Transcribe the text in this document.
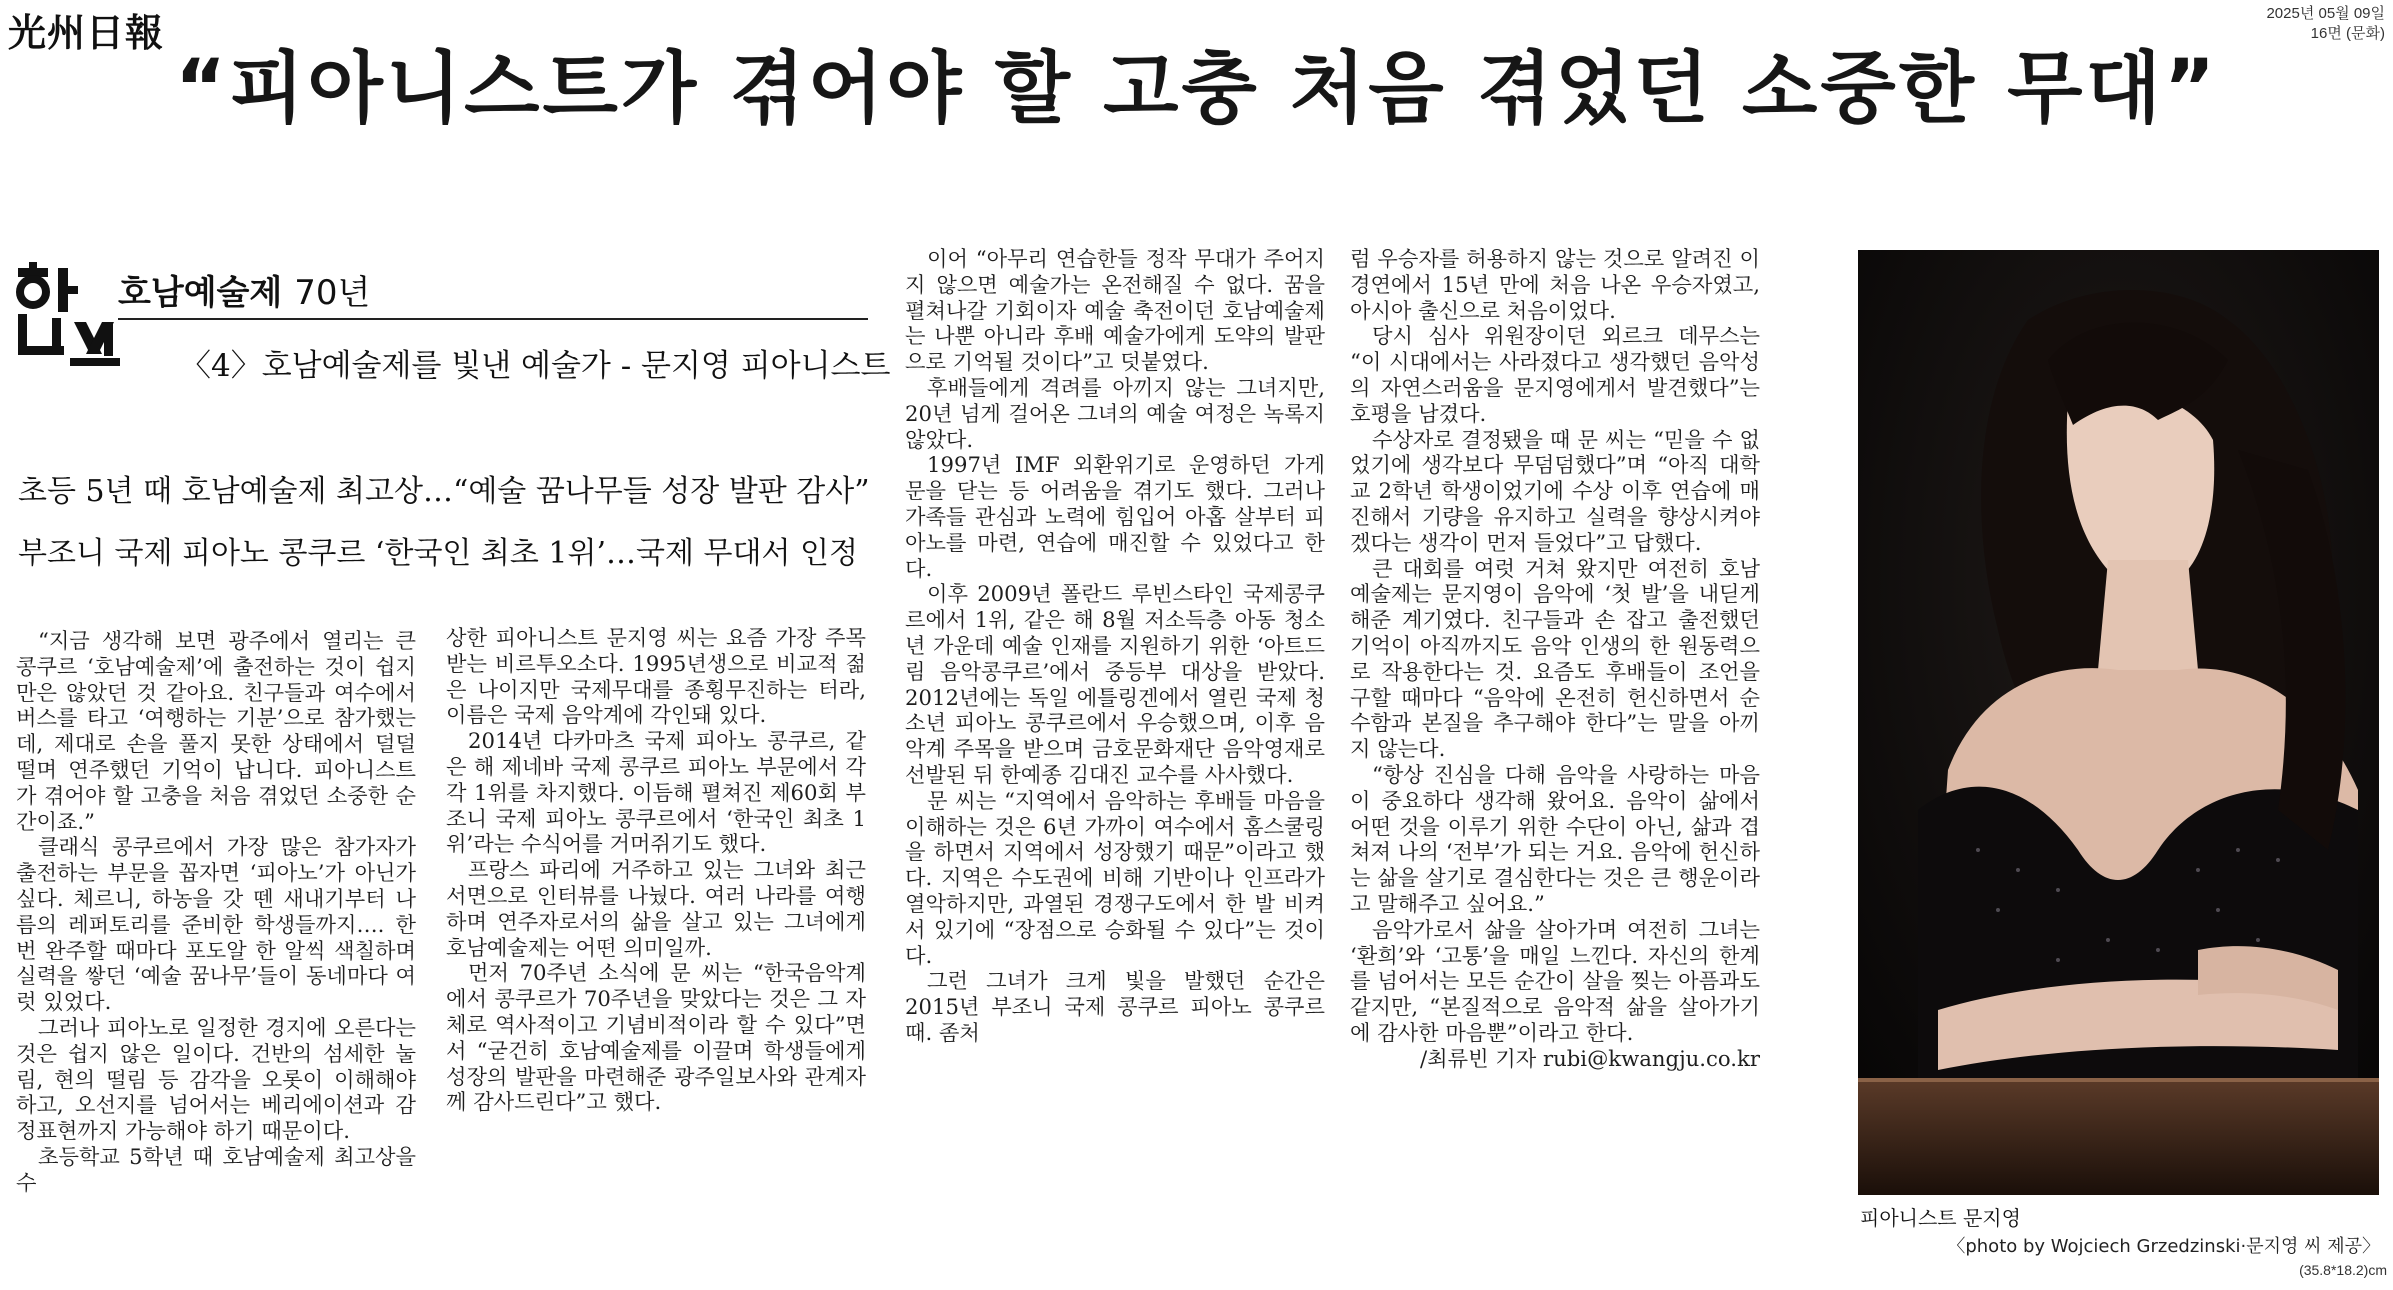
光州日報	2025년 05월 09일
16면 (문화)
“피아니스트가 겪어야 할 고충 처음 겪었던 소중한 무대”
호남예술제 70년
〈4〉호남예술제를 빛낸 예술가 - 문지영 피아니스트
초등 5년 때 호남예술제 최고상…“예술 꿈나무들 성장 발판 감사”
부조니 국제 피아노 콩쿠르 ‘한국인 최초 1위’…국제 무대서 인정

“지금 생각해 보면 광주에서 열리는 큰 콩쿠르 ‘호남예술제’에 출전하는 것이 쉽지만은 않았던 것 같아요. 친구들과 여수에서 버스를 타고 ‘여행하는 기분’으로 참가했는데, 제대로 손을 풀지 못한 상태에서 덜덜 떨며 연주했던 기억이 납니다. 피아니스트가 겪어야 할 고충을 처음 겪었던 소중한 순간이죠.”

클래식 콩쿠르에서 가장 많은 참가자가 출전하는 부문을 꼽자면 ‘피아노’가 아닌가 싶다. 체르니, 하농을 갓 뗀 새내기부터 나름의 레퍼토리를 준비한 학생들까지…. 한 번 완주할 때마다 포도알 한 알씩 색칠하며 실력을 쌓던 ‘예술 꿈나무’들이 동네마다 여럿 있었다.

그러나 피아노로 일정한 경지에 오른다는 것은 쉽지 않은 일이다. 건반의 섬세한 눌림, 현의 떨림 등 감각을 오롯이 이해해야 하고, 오선지를 넘어서는 베리에이션과 감정표현까지 가능해야 하기 때문이다.

초등학교 5학년 때 호남예술제 최고상을 수

상한 피아니스트 문지영 씨는 요즘 가장 주목받는 비르투오소다. 1995년생으로 비교적 젊은 나이지만 국제무대를 종횡무진하는 터라, 이름은 국제 음악계에 각인돼 있다.

2014년 다카마츠 국제 피아노 콩쿠르, 같은 해 제네바 국제 콩쿠르 피아노 부문에서 각각 1위를 차지했다. 이듬해 펼쳐진 제60회 부조니 국제 피아노 콩쿠르에서 ‘한국인 최초 1위’라는 수식어를 거머쥐기도 했다.

프랑스 파리에 거주하고 있는 그녀와 최근 서면으로 인터뷰를 나눴다. 여러 나라를 여행하며 연주자로서의 삶을 살고 있는 그녀에게 호남예술제는 어떤 의미일까.

먼저 70주년 소식에 문 씨는 “한국음악계에서 콩쿠르가 70주년을 맞았다는 것은 그 자체로 역사적이고 기념비적이라 할 수 있다”면서 “굳건히 호남예술제를 이끌며 학생들에게 성장의 발판을 마련해준 광주일보사와 관계자께 감사드린다”고 했다.

이어 “아무리 연습한들 정작 무대가 주어지지 않으면 예술가는 온전해질 수 없다. 꿈을 펼쳐나갈 기회이자 예술 축전이던 호남예술제는 나뿐 아니라 후배 예술가에게 도약의 발판으로 기억될 것이다”고 덧붙였다.

후배들에게 격려를 아끼지 않는 그녀지만, 20년 넘게 걸어온 그녀의 예술 여정은 녹록지 않았다.

1997년 IMF 외환위기로 운영하던 가게 문을 닫는 등 어려움을 겪기도 했다. 그러나 가족들 관심과 노력에 힘입어 아홉 살부터 피아노를 마련, 연습에 매진할 수 있었다고 한다.

이후 2009년 폴란드 루빈스타인 국제콩쿠르에서 1위, 같은 해 8월 저소득층 아동 청소년 가운데 예술 인재를 지원하기 위한 ‘아트드림 음악콩쿠르’에서 중등부 대상을 받았다. 2012년에는 독일 에틀링겐에서 열린 국제 청소년 피아노 콩쿠르에서 우승했으며, 이후 음악계 주목을 받으며 금호문화재단 음악영재로 선발된 뒤 한예종 김대진 교수를 사사했다.

문 씨는 “지역에서 음악하는 후배들 마음을 이해하는 것은 6년 가까이 여수에서 홈스쿨링을 하면서 지역에서 성장했기 때문”이라고 했다. 지역은 수도권에 비해 기반이나 인프라가 열악하지만, 과열된 경쟁구도에서 한 발 비켜서 있기에 “장점으로 승화될 수 있다”는 것이다.

그런 그녀가 크게 빛을 발했던 순간은 2015년 부조니 국제 콩쿠르 피아노 콩쿠르 때. 좀처

럼 우승자를 허용하지 않는 것으로 알려진 이 경연에서 15년 만에 처음 나온 우승자였고, 아시아 출신으로 처음이었다.

당시 심사 위원장이던 외르크 데무스는 “이 시대에서는 사라졌다고 생각했던 음악성의 자연스러움을 문지영에게서 발견했다”는 호평을 남겼다.

수상자로 결정됐을 때 문 씨는 “믿을 수 없었기에 생각보다 무덤덤했다”며 “아직 대학교 2학년 학생이었기에 수상 이후 연습에 매진해서 기량을 유지하고 실력을 향상시켜야겠다는 생각이 먼저 들었다”고 답했다.

큰 대회를 여럿 거쳐 왔지만 여전히 호남예술제는 문지영이 음악에 ‘첫 발’을 내딛게 해준 계기였다. 친구들과 손 잡고 출전했던 기억이 아직까지도 음악 인생의 한 원동력으로 작용한다는 것. 요즘도 후배들이 조언을 구할 때마다 “음악에 온전히 헌신하면서 순수함과 본질을 추구해야 한다”는 말을 아끼지 않는다.

“항상 진심을 다해 음악을 사랑하는 마음이 중요하다 생각해 왔어요. 음악이 삶에서 어떤 것을 이루기 위한 수단이 아닌, 삶과 겹쳐져 나의 ‘전부’가 되는 거요. 음악에 헌신하는 삶을 살기로 결심한다는 것은 큰 행운이라고 말해주고 싶어요.”

음악가로서 삶을 살아가며 여전히 그녀는 ‘환희’와 ‘고통’을 매일 느낀다. 자신의 한계를 넘어서는 모든 순간이 살을 찢는 아픔과도 같지만, “본질적으로 음악적 삶을 살아가기에 감사한 마음뿐”이라고 한다.

/최류빈 기자 rubi@kwangju.co.kr

피아니스트 문지영
〈photo by Wojciech Grzedzinski·문지영 씨 제공〉
(35.8*18.2)cm
